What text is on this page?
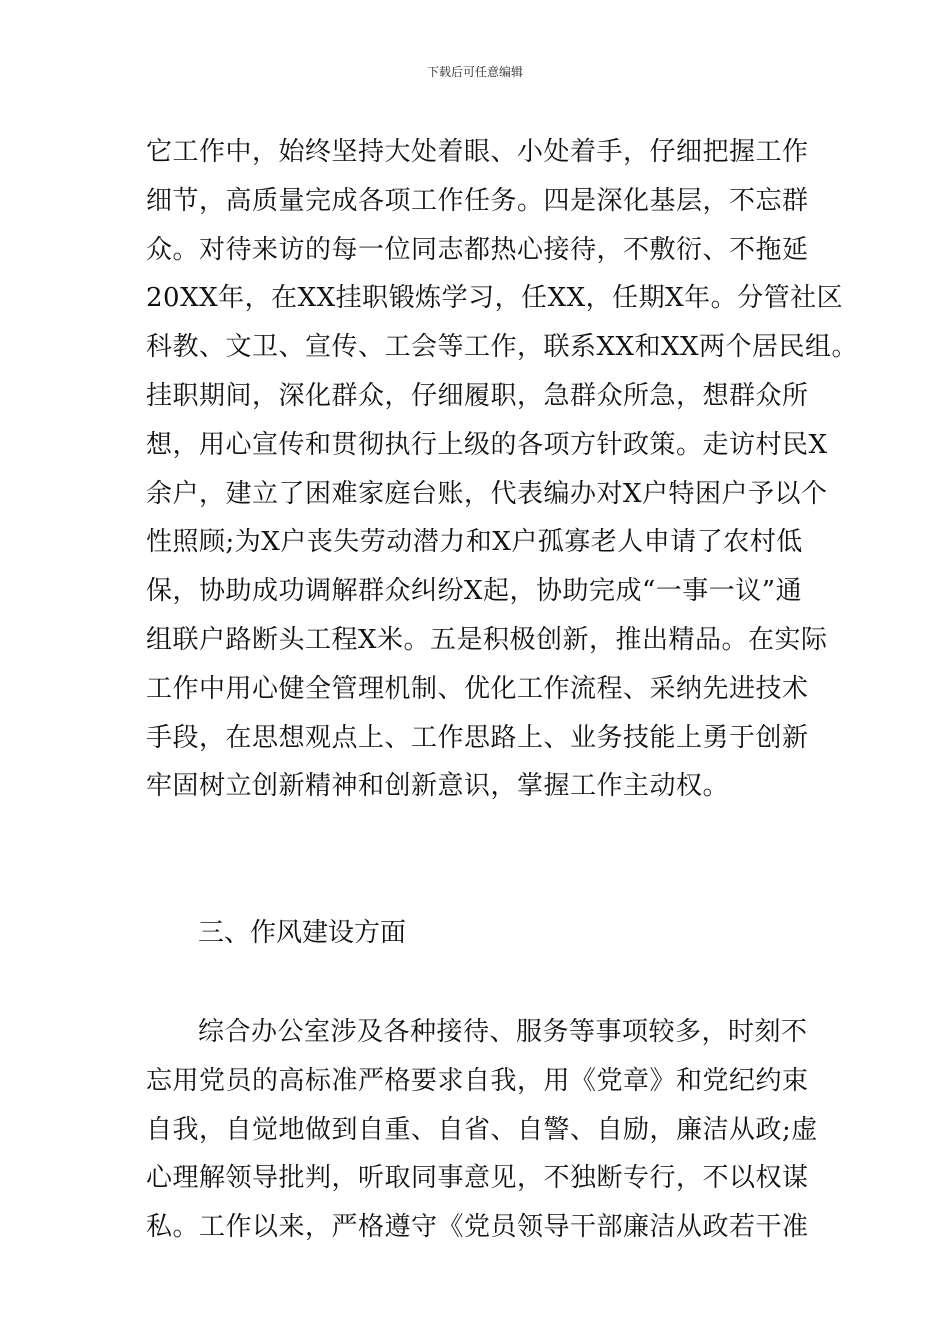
下载后可任意编辑
它工作中，始终坚持大处着眼、小处着手，仔细把握工作
细节，高质量完成各项工作任务。四是深化基层，不忘群
众。对待来访的每一位同志都热心接待，不敷衍、不拖延
20XX年，在XX挂职锻炼学习，任XX，任期X年。分管社区
科教、文卫、宣传、工会等工作，联系XX和XX两个居民组。
挂职期间，深化群众，仔细履职，急群众所急，想群众所
想，用心宣传和贯彻执行上级的各项方针政策。走访村民X
余户，建立了困难家庭台账，代表编办对X户特困户予以个
性照顾;为X户丧失劳动潜力和X户孤寡老人申请了农村低
保，协助成功调解群众纠纷X起，协助完成“一事一议”通
组联户路断头工程X米。五是积极创新，推出精品。在实际
工作中用心健全管理机制、优化工作流程、采纳先进技术
手段，在思想观点上、工作思路上、业务技能上勇于创新
牢固树立创新精神和创新意识，掌握工作主动权。
三、作风建设方面
综合办公室涉及各种接待、服务等事项较多，时刻不
忘用党员的高标准严格要求自我，用《党章》和党纪约束
自我，自觉地做到自重、自省、自警、自励，廉洁从政;虚
心理解领导批判，听取同事意见，不独断专行，不以权谋
私。工作以来，严格遵守《党员领导干部廉洁从政若干准
